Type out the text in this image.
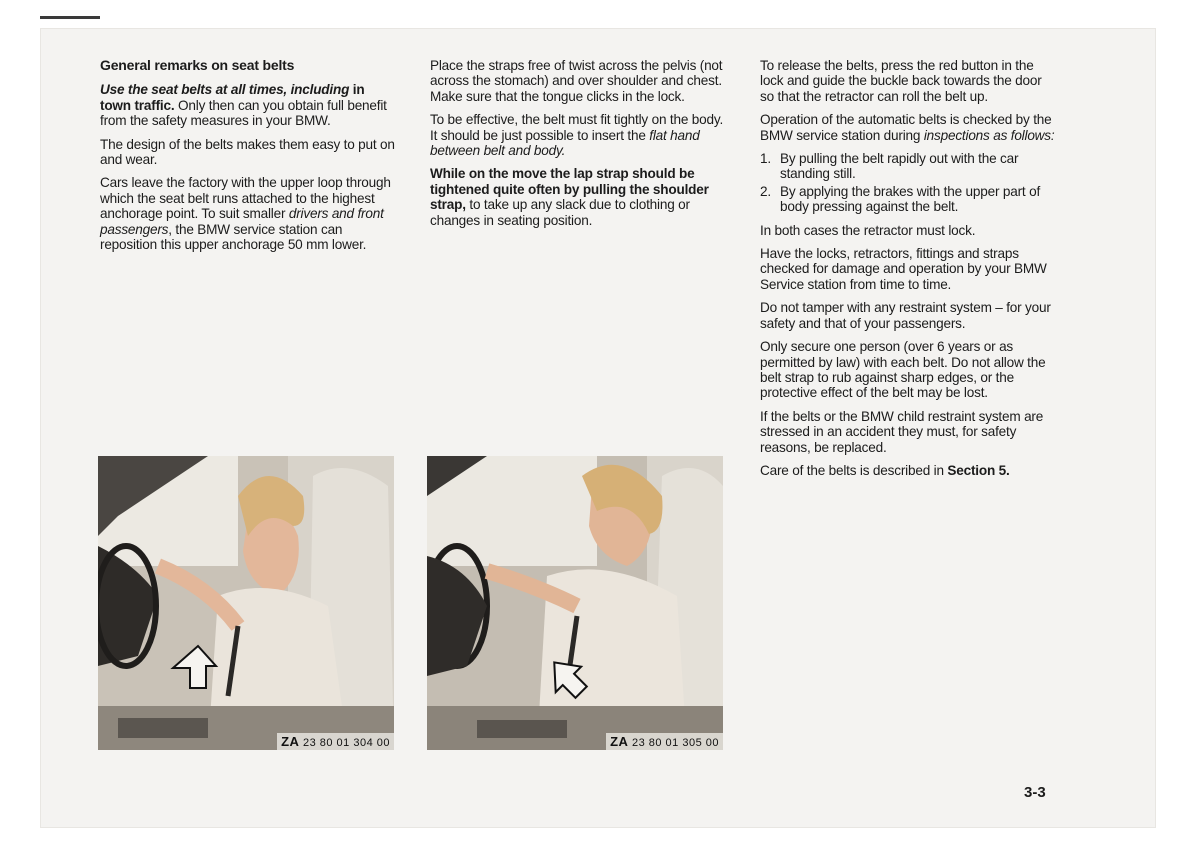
General remarks on seat belts

Use the seat belts at all times, including in town traffic. Only then can you obtain full benefit from the safety measures in your BMW.

The design of the belts makes them easy to put on and wear.

Cars leave the factory with the upper loop through which the seat belt runs attached to the highest anchorage point. To suit smaller drivers and front passengers, the BMW service station can reposition this upper anchorage 50 mm lower.

Place the straps free of twist across the pelvis (not across the stomach) and over shoulder and chest. Make sure that the tongue clicks in the lock.

To be effective, the belt must fit tightly on the body. It should be just possible to insert the flat hand between belt and body.

While on the move the lap strap should be tightened quite often by pulling the shoulder strap, to take up any slack due to clothing or changes in seating position.

To release the belts, press the red button in the lock and guide the buckle back towards the door so that the retractor can roll the belt up.

Operation of the automatic belts is checked by the BMW service station during inspections as follows:

1. By pulling the belt rapidly out with the car standing still.
2. By applying the brakes with the upper part of body pressing against the belt.

In both cases the retractor must lock.

Have the locks, retractors, fittings and straps checked for damage and operation by your BMW Service station from time to time.

Do not tamper with any restraint system – for your safety and that of your passengers.

Only secure one person (over 6 years or as permitted by law) with each belt. Do not allow the belt strap to rub against sharp edges, or the protective effect of the belt may be lost.

If the belts or the BMW child restraint system are stressed in an accident they must, for safety reasons, be replaced.

Care of the belts is described in Section 5.

ZA 23 80 01 304 00	ZA 23 80 01 305 00
3-3
